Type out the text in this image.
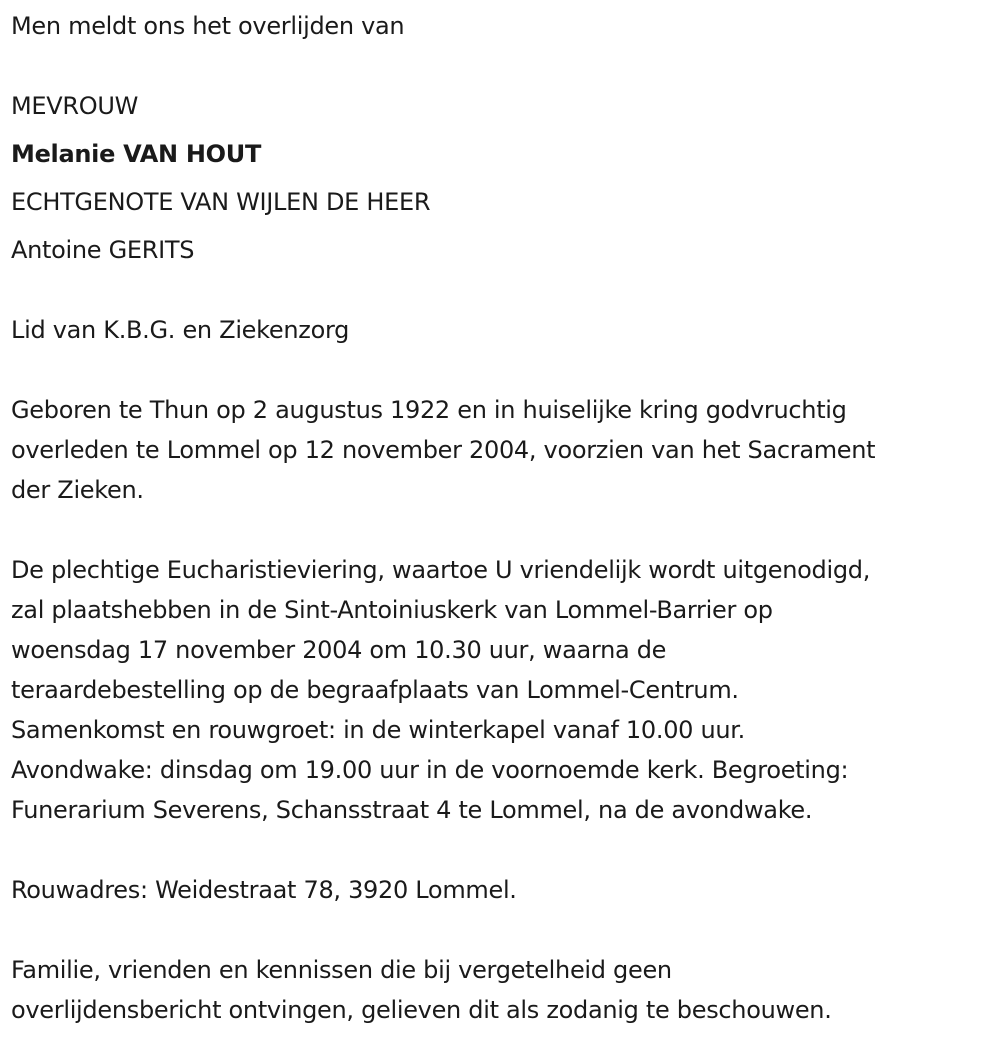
Men meldt ons het overlijden van
MEVROUW
Melanie VAN HOUT
ECHTGENOTE VAN WIJLEN DE HEER
Antoine GERITS
Lid van K.B.G. en Ziekenzorg
Geboren te Thun op 2 augustus 1922 en in huiselijke kring godvruchtig
overleden te Lommel op 12 november 2004, voorzien van het Sacrament
der Zieken.
De plechtige Eucharistieviering, waartoe U vriendelijk wordt uitgenodigd,
zal plaatshebben in de Sint-Antoiniuskerk van Lommel-Barrier op
woensdag 17 november 2004 om 10.30 uur, waarna de
teraardebestelling op de begraafplaats van Lommel-Centrum.
Samenkomst en rouwgroet: in de winterkapel vanaf 10.00 uur.
Avondwake: dinsdag om 19.00 uur in de voornoemde kerk. Begroeting:
Funerarium Severens, Schansstraat 4 te Lommel, na de avondwake.
Rouwadres: Weidestraat 78, 3920 Lommel.
Familie, vrienden en kennissen die bij vergetelheid geen
overlijdensbericht ontvingen, gelieven dit als zodanig te beschouwen.
